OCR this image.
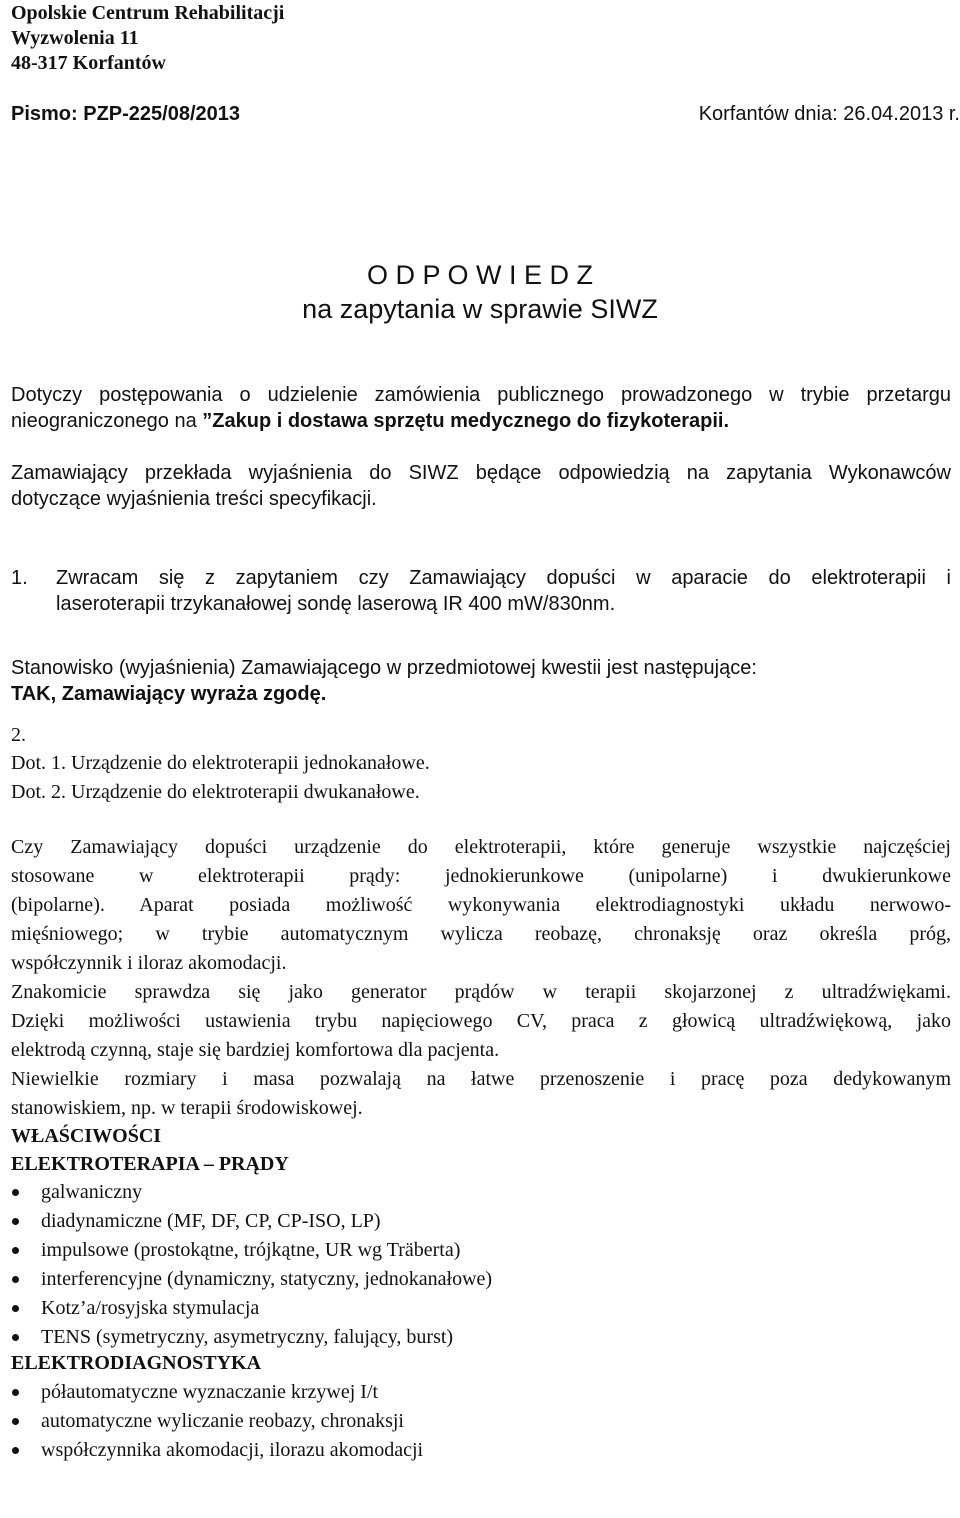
Opolskie Centrum Rehabilitacji
Wyzwolenia 11
48-317 Korfantów
Pismo: PZP-225/08/2013	Korfantów dnia: 26.04.2013 r.
O D P O W I E D Z
na zapytania w sprawie SIWZ
Dotyczy postępowania o udzielenie zamówienia publicznego prowadzonego w trybie przetargu
nieograniczonego na ”Zakup i dostawa sprzętu medycznego do fizykoterapii.
Zamawiający przekłada wyjaśnienia do SIWZ będące odpowiedzią na zapytania Wykonawców
dotyczące wyjaśnienia treści specyfikacji.
1. Zwracam się z zapytaniem czy Zamawiający dopuści w aparacie do elektroterapii i
laseroterapii trzykanałowej sondę laserową IR 400 mW/830nm.
Stanowisko (wyjaśnienia) Zamawiającego w przedmiotowej kwestii jest następujące:
TAK, Zamawiający wyraża zgodę.
2.
Dot. 1. Urządzenie do elektroterapii jednokanałowe.
Dot. 2. Urządzenie do elektroterapii dwukanałowe.
Czy Zamawiający dopuści urządzenie do elektroterapii, które generuje wszystkie najczęściej
stosowane w elektroterapii prądy: jednokierunkowe (unipolarne) i dwukierunkowe
(bipolarne). Aparat posiada możliwość wykonywania elektrodiagnostyki układu nerwowo-
mięśniowego; w trybie automatycznym wylicza reobazę, chronaksję oraz określa próg,
współczynnik i iloraz akomodacji.
Znakomicie sprawdza się jako generator prądów w terapii skojarzonej z ultradźwiękami.
Dzięki możliwości ustawienia trybu napięciowego CV, praca z głowicą ultradźwiękową, jako
elektrodą czynną, staje się bardziej komfortowa dla pacjenta.
Niewielkie rozmiary i masa pozwalają na łatwe przenoszenie i pracę poza dedykowanym
stanowiskiem, np. w terapii środowiskowej.
WŁAŚCIWOŚCI
ELEKTROTERAPIA – PRĄDY
galwaniczny
diadynamiczne (MF, DF, CP, CP-ISO, LP)
impulsowe (prostokątne, trójkątne, UR wg Träberta)
interferencyjne (dynamiczny, statyczny, jednokanałowe)
Kotz’a/rosyjska stymulacja
TENS (symetryczny, asymetryczny, falujący, burst)
ELEKTRODIAGNOSTYKA
półautomatyczne wyznaczanie krzywej I/t
automatyczne wyliczanie reobazy, chronaksji
współczynnika akomodacji, ilorazu akomodacji
